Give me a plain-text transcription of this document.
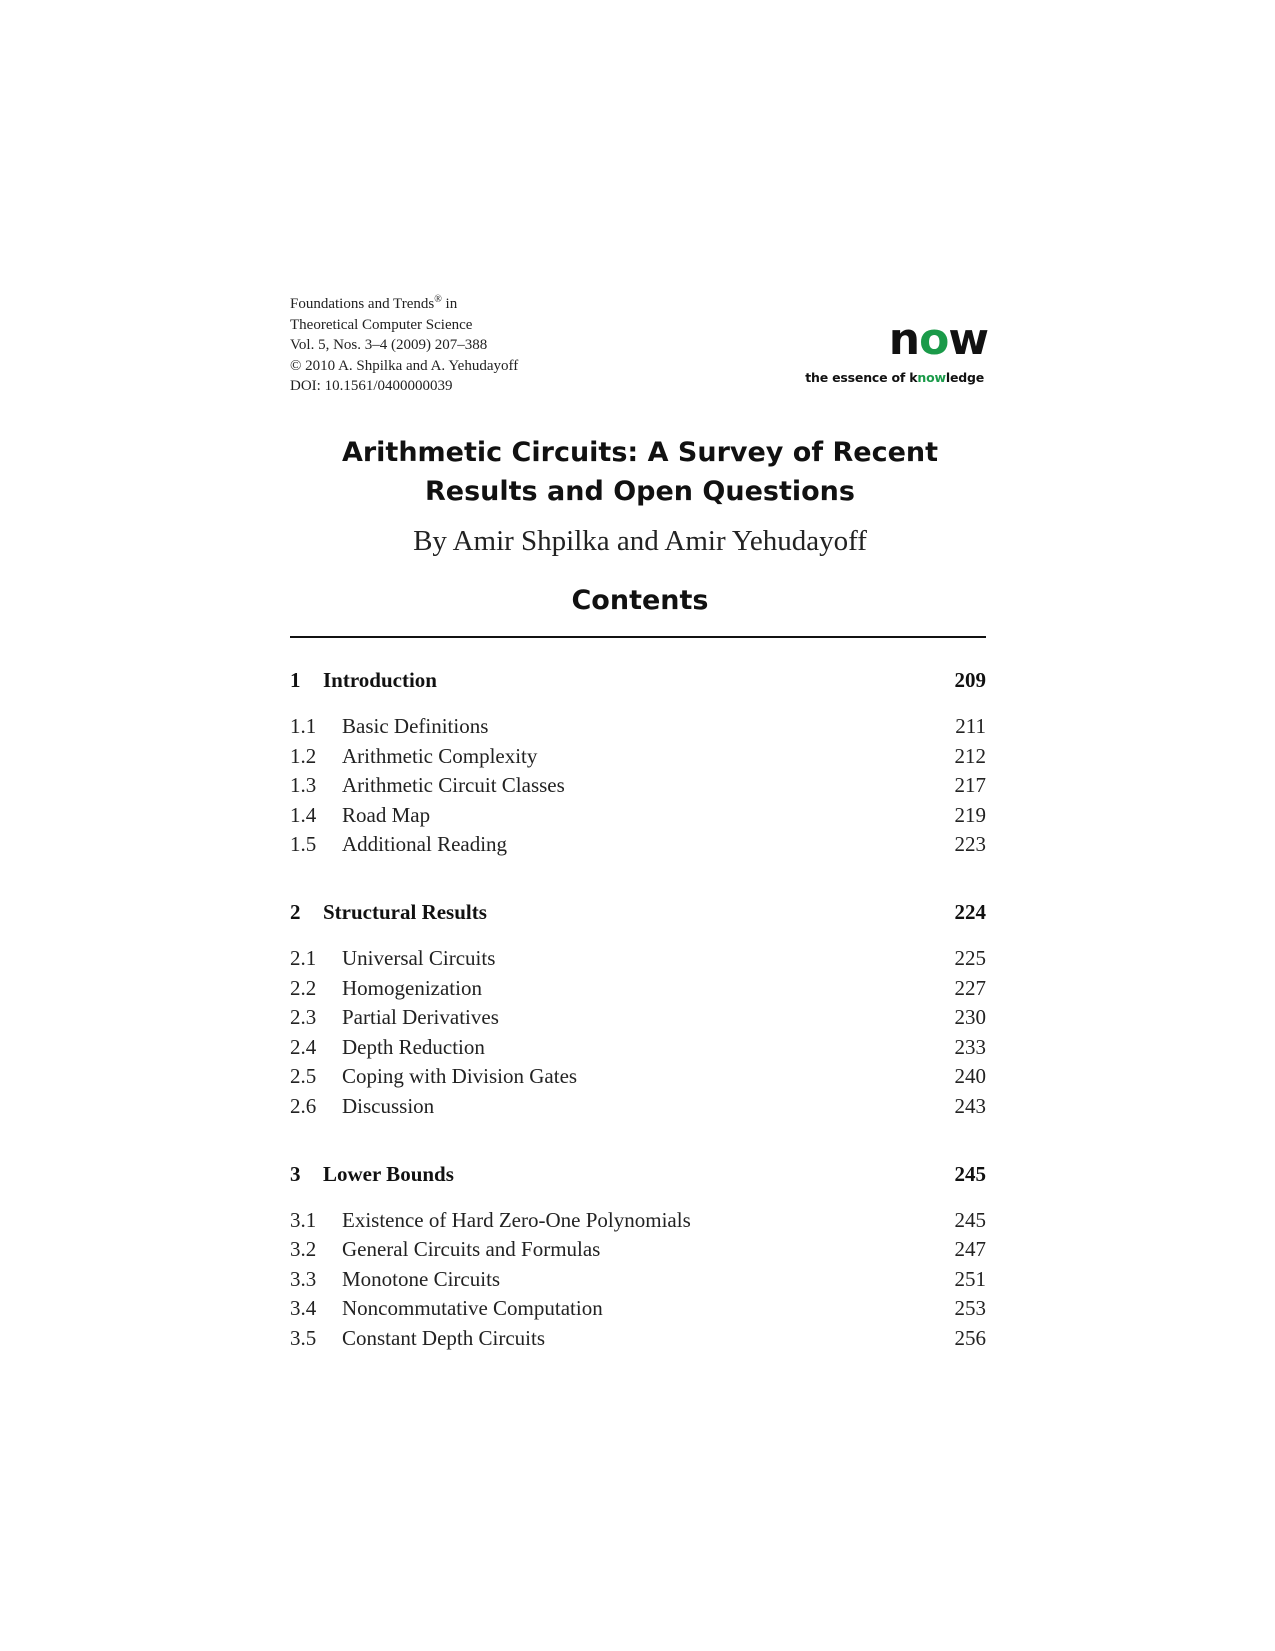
Foundations and Trends® in
Theoretical Computer Science
Vol. 5, Nos. 3–4 (2009) 207–388
© 2010 A. Shpilka and A. Yehudayoff
DOI: 10.1561/0400000039
now
the essence of knowledge
Arithmetic Circuits: A Survey of Recent
Results and Open Questions
By Amir Shpilka and Amir Yehudayoff
Contents
1	Introduction	209
1.1	Basic Definitions	211
1.2	Arithmetic Complexity	212
1.3	Arithmetic Circuit Classes	217
1.4	Road Map	219
1.5	Additional Reading	223
2	Structural Results	224
2.1	Universal Circuits	225
2.2	Homogenization	227
2.3	Partial Derivatives	230
2.4	Depth Reduction	233
2.5	Coping with Division Gates	240
2.6	Discussion	243
3	Lower Bounds	245
3.1	Existence of Hard Zero-One Polynomials	245
3.2	General Circuits and Formulas	247
3.3	Monotone Circuits	251
3.4	Noncommutative Computation	253
3.5	Constant Depth Circuits	256
